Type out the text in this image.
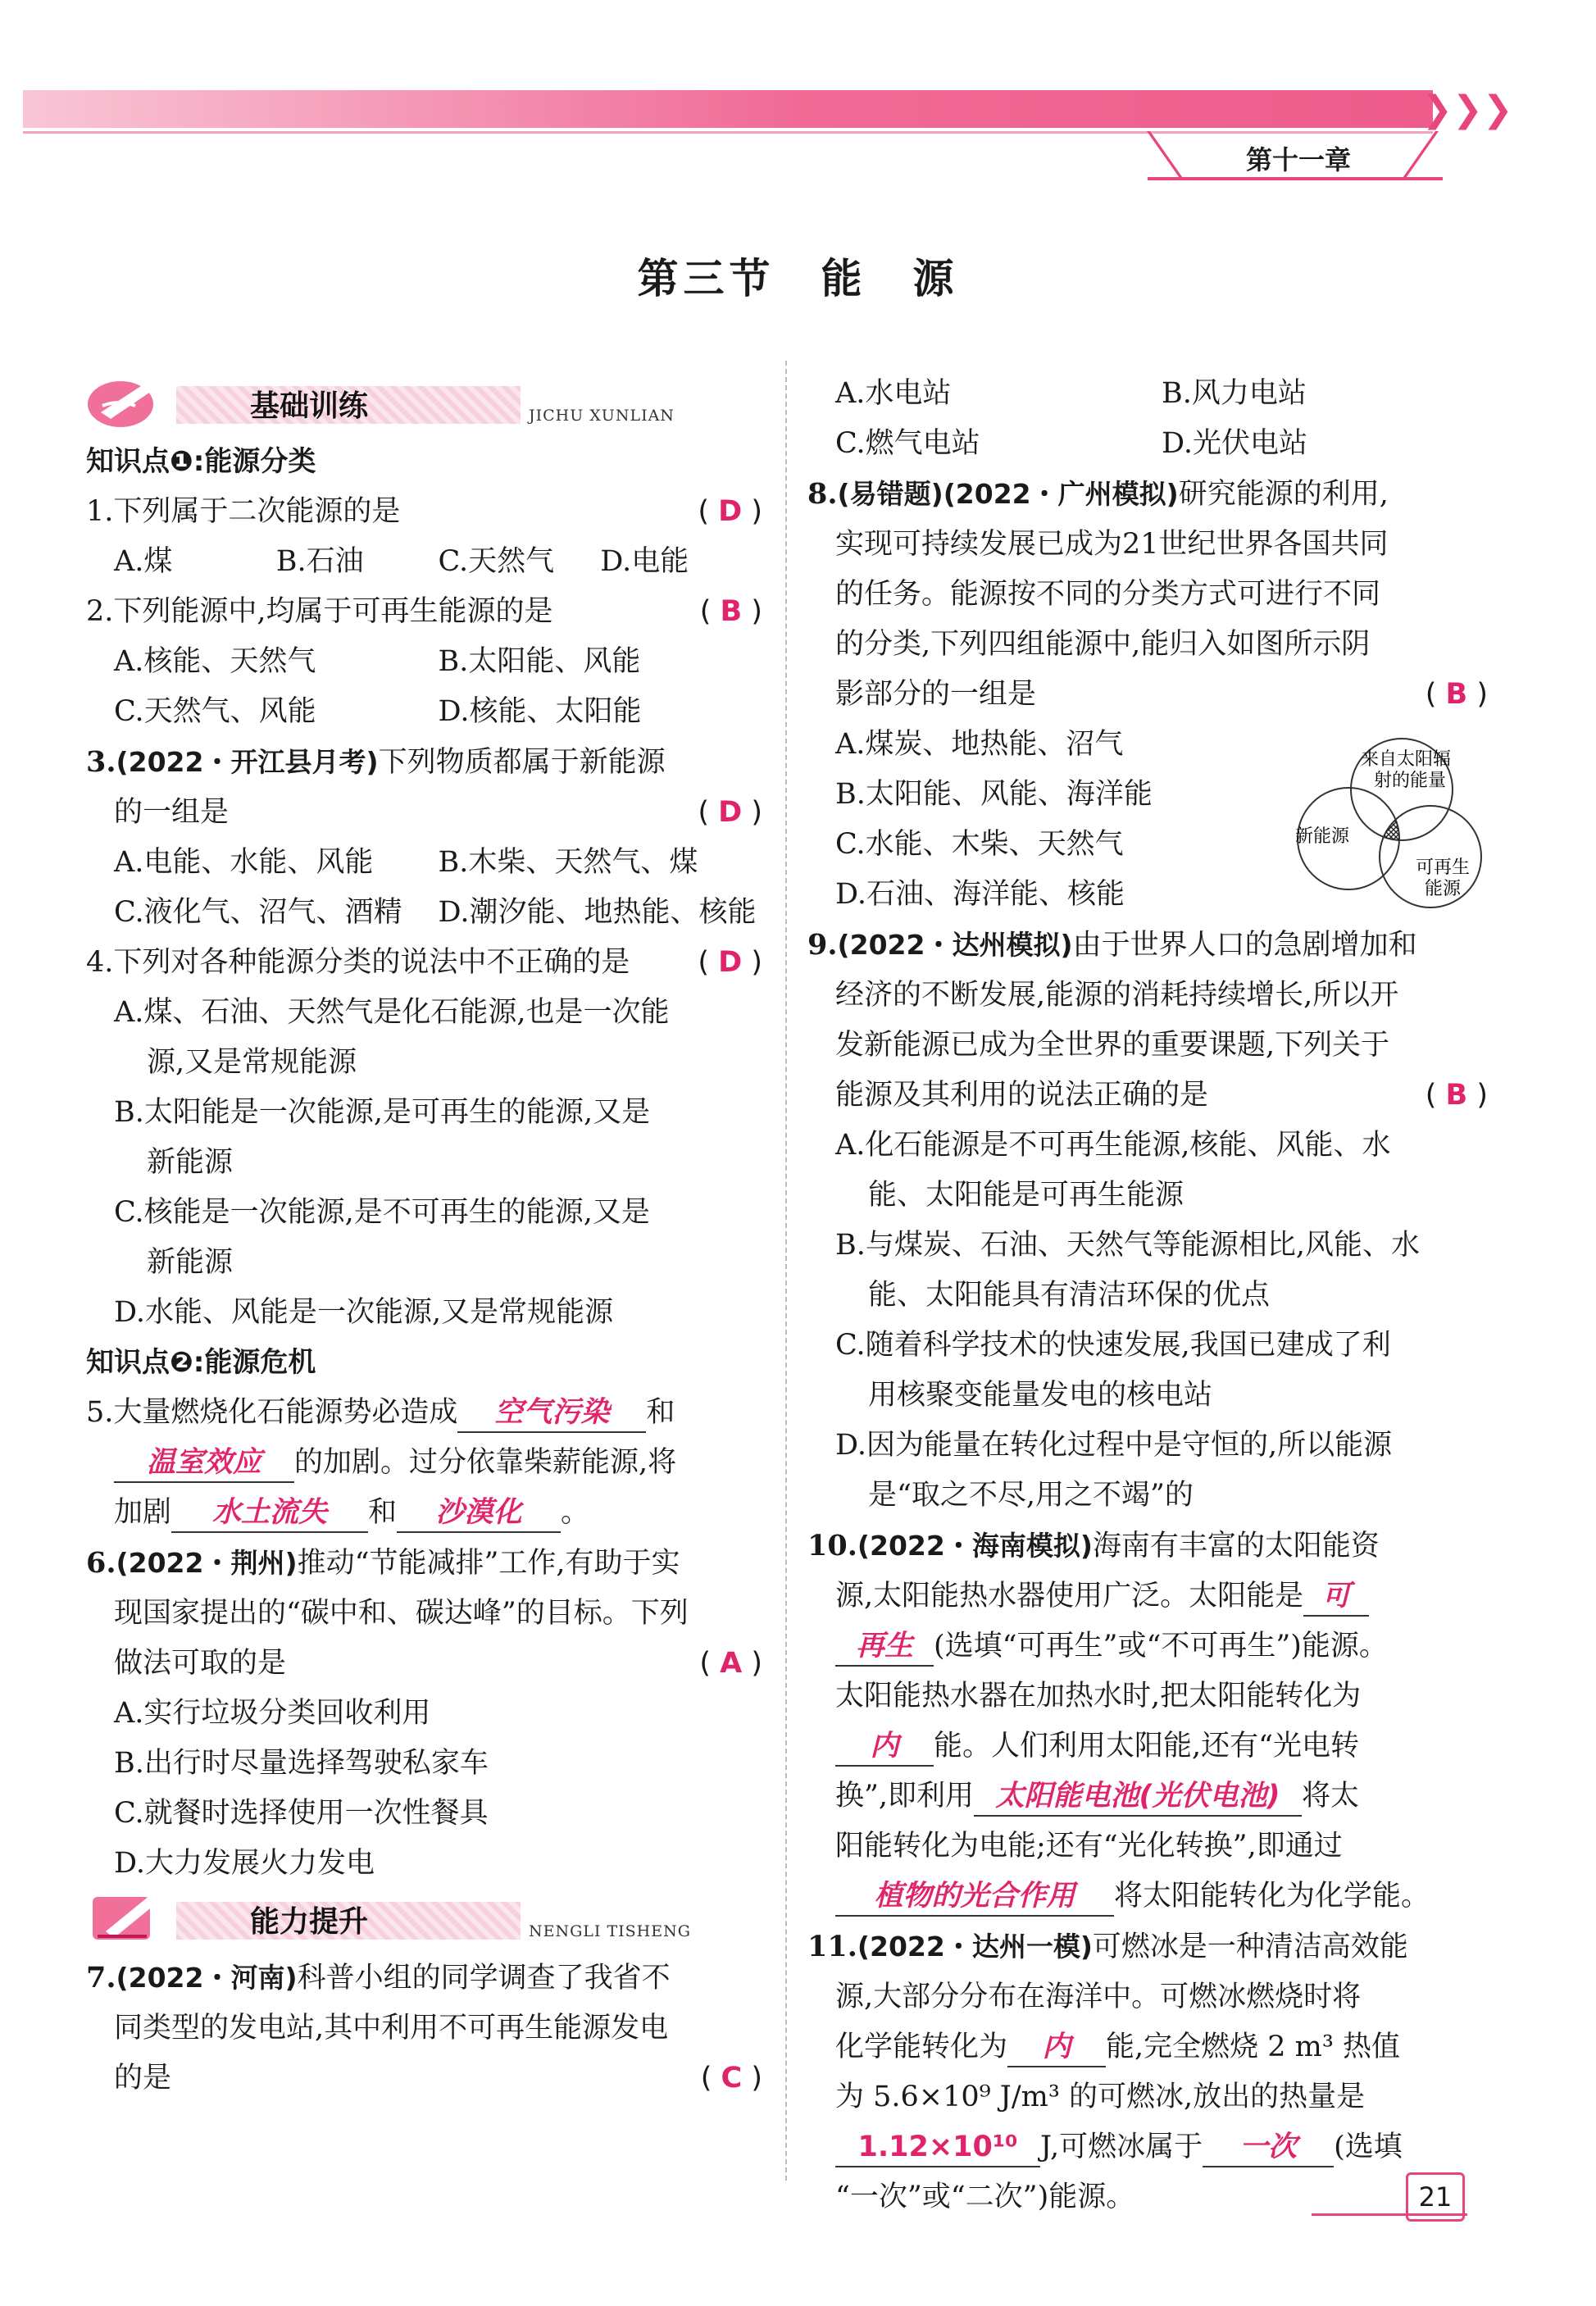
❯❯❯
第十一章
第三节　能　源
基础训练	JICHU XUNLIAN

知识点❶:能源分类

1.下列属于二次能源的是	( D )

A.煤	B.石油	C.天然气	D.电能

2.下列能源中,均属于可再生能源的是	( B )

A.核能、天然气	B.太阳能、风能

C.天然气、风能	D.核能、太阳能

3.(2022・开江县月考)下列物质都属于新能源

的一组是	( D )

A.电能、水能、风能	B.木柴、天然气、煤

C.液化气、沼气、酒精	D.潮汐能、地热能、核能

4.下列对各种能源分类的说法中不正确的是 ( D )

A.煤、石油、天然气是化石能源,也是一次能

源,又是常规能源

B.太阳能是一次能源,是可再生的能源,又是

新能源

C.核能是一次能源,是不可再生的能源,又是

新能源

D.水能、风能是一次能源,又是常规能源

知识点❷:能源危机

5.大量燃烧化石能源势必造成 空气污染 和

温室效应 的加剧。过分依靠柴薪能源,将

加剧 水土流失 和 沙漠化 。

6.(2022・荆州)推动“节能减排”工作,有助于实

现国家提出的“碳中和、碳达峰”的目标。下列

做法可取的是	( A )

A.实行垃圾分类回收利用

B.出行时尽量选择驾驶私家车

C.就餐时选择使用一次性餐具

D.大力发展火力发电

能力提升	NENGLI TISHENG

7.(2022・河南)科普小组的同学调查了我省不

同类型的发电站,其中利用不可再生能源发电

的是	( C )

A.水电站	B.风力电站

C.燃气电站	D.光伏电站

8.(易错题)(2022・广州模拟)研究能源的利用,

实现可持续发展已成为21世纪世界各国共同

的任务。能源按不同的分类方式可进行不同

的分类,下列四组能源中,能归入如图所示阴

影部分的一组是	( B )

A.煤炭、地热能、沼气

B.太阳能、风能、海洋能

C.水能、木柴、天然气

D.石油、海洋能、核能

9.(2022・达州模拟)由于世界人口的急剧增加和

经济的不断发展,能源的消耗持续增长,所以开

发新能源已成为全世界的重要课题,下列关于

能源及其利用的说法正确的是	( B )

A.化石能源是不可再生能源,核能、风能、水

能、太阳能是可再生能源

B.与煤炭、石油、天然气等能源相比,风能、水

能、太阳能具有清洁环保的优点

C.随着科学技术的快速发展,我国已建成了利

用核聚变能量发电的核电站

D.因为能量在转化过程中是守恒的,所以能源

是“取之不尽,用之不竭”的

10.(2022・海南模拟)海南有丰富的太阳能资

源,太阳能热水器使用广泛。太阳能是 可

再生 (选填“可再生”或“不可再生”)能源。

太阳能热水器在加热水时,把太阳能转化为

内 能。人们利用太阳能,还有“光电转

换”,即利用 太阳能电池(光伏电池) 将太

阳能转化为电能;还有“光化转换”,即通过

植物的光合作用 将太阳能转化为化学能。

11.(2022・达州一模)可燃冰是一种清洁高效能

源,大部分分布在海洋中。可燃冰燃烧时将

化学能转化为 内 能,完全燃烧 2 m³ 热值

为 5.6×10⁹ J/m³ 的可燃冰,放出的热量是

1.12×10¹⁰ J,可燃冰属于 一次 (选填

“一次”或“二次”)能源。

来自太阳辐
射的能量
新能源
可再生
能源
21
